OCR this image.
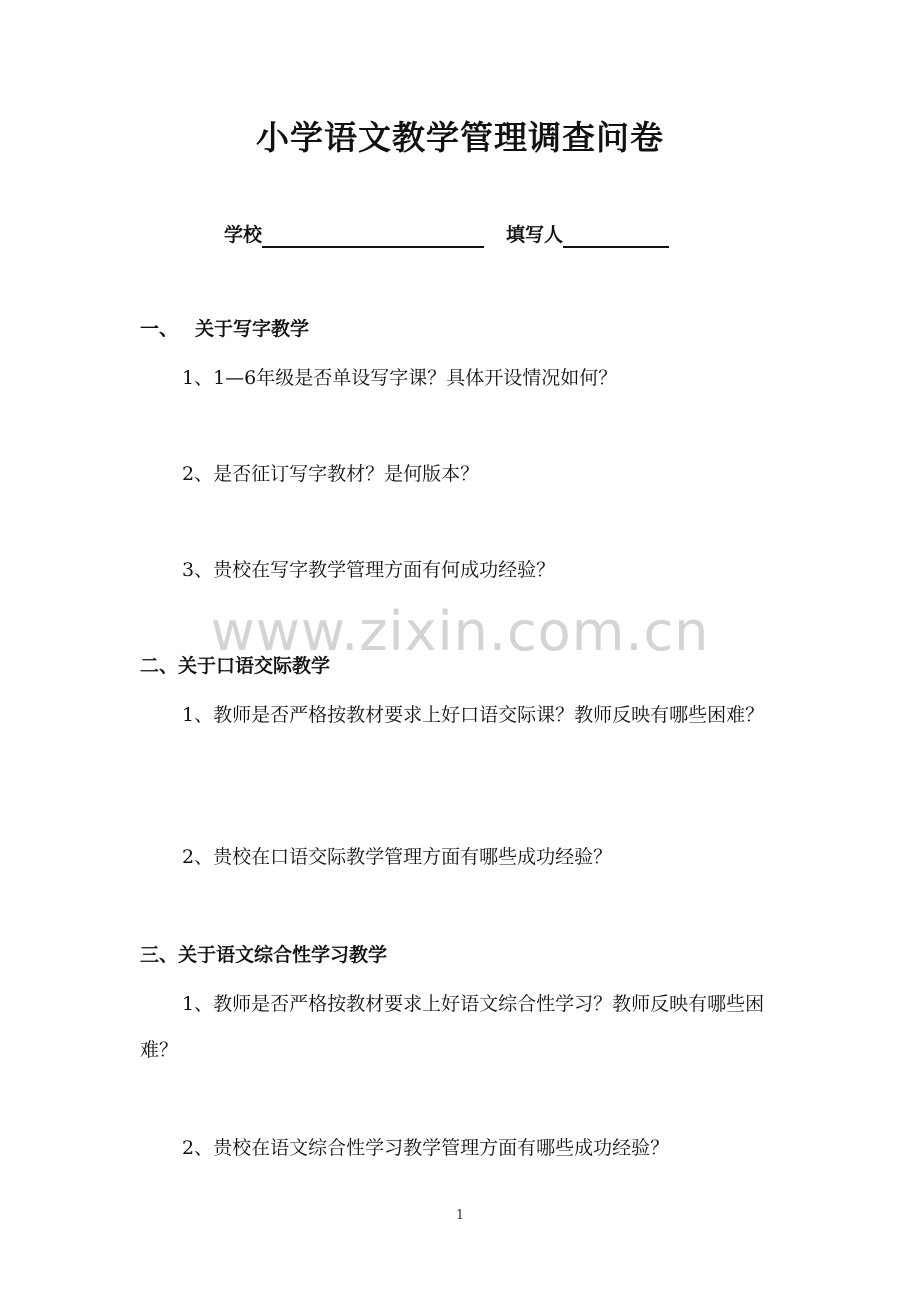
小学语文教学管理调查问卷
学校	填写人
一、 关于写字教学

1、1—6年级是否单设写字课？具体开设情况如何？

2、是否征订写字教材？是何版本？

3、贵校在写字教学管理方面有何成功经验？

二、关于口语交际教学

1、教师是否严格按教材要求上好口语交际课？教师反映有哪些困难？

2、贵校在口语交际教学管理方面有哪些成功经验？

三、关于语文综合性学习教学

1、教师是否严格按教材要求上好语文综合性学习？教师反映有哪些困难？

2、贵校在语文综合性学习教学管理方面有哪些成功经验？

www.zixin.com.cn
1
